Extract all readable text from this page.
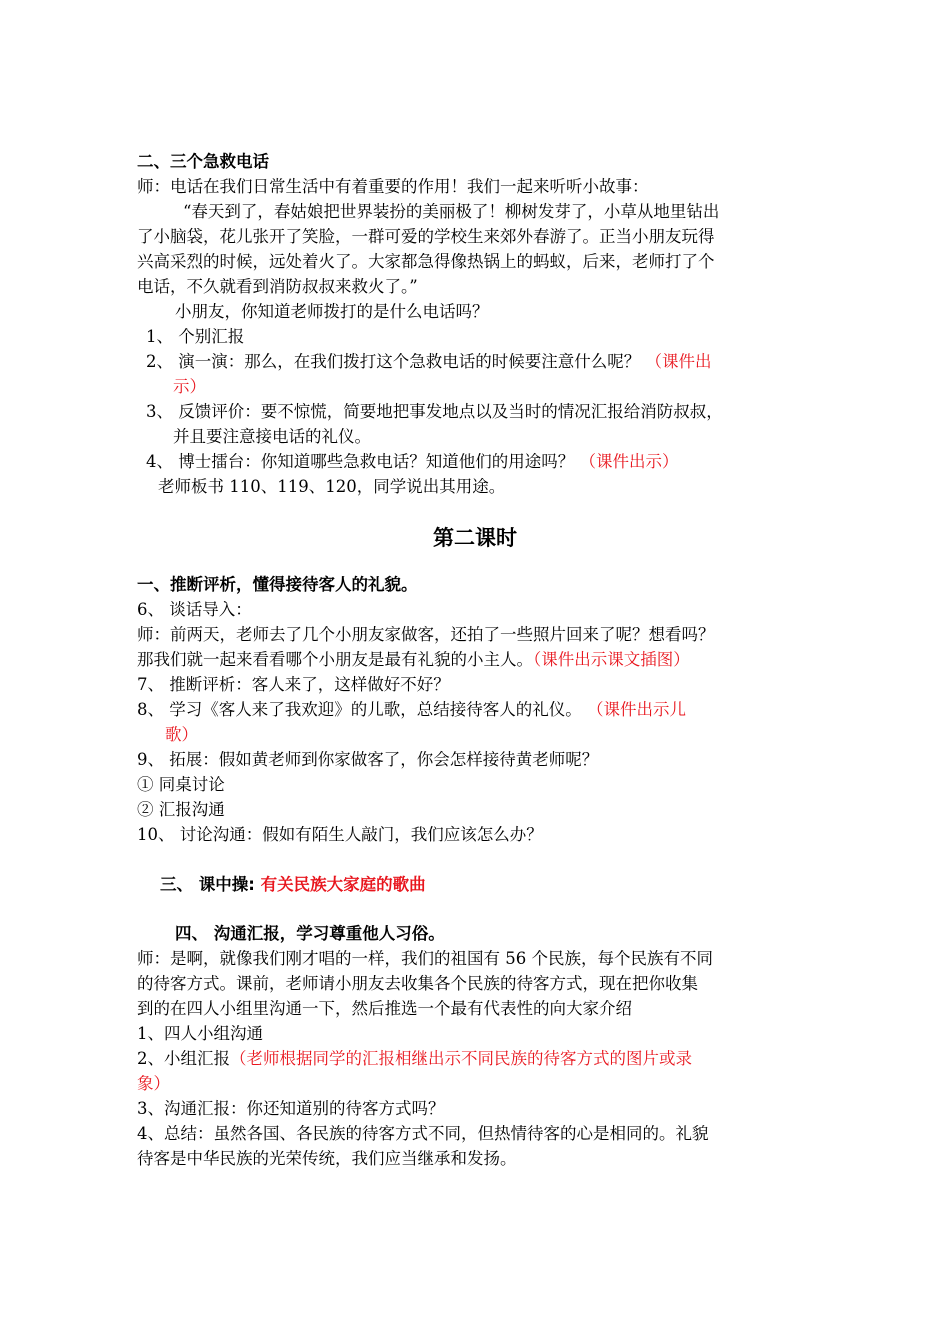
二、三个急救电话
师：电话在我们日常生活中有着重要的作用！我们一起来听听小故事：
“春天到了，春姑娘把世界装扮的美丽极了！柳树发芽了，小草从地里钻出
了小脑袋，花儿张开了笑脸，一群可爱的学校生来郊外春游了。正当小朋友玩得
兴高采烈的时候，远处着火了。大家都急得像热锅上的蚂蚁，后来，老师打了个
电话，不久就看到消防叔叔来救火了。”
小朋友，你知道老师拨打的是什么电话吗？
1、 个别汇报
2、 演一演：那么，在我们拨打这个急救电话的时候要注意什么呢？ （课件出
示）
3、 反馈评价：要不惊慌，简要地把事发地点以及当时的情况汇报给消防叔叔，
并且要注意接电话的礼仪。
4、 博士擂台：你知道哪些急救电话？知道他们的用途吗？ （课件出示）
老师板书 110、119、120，同学说出其用途。
第二课时
一、推断评析，懂得接待客人的礼貌。
6、 谈话导入：
师：前两天，老师去了几个小朋友家做客，还拍了一些照片回来了呢？想看吗？
那我们就一起来看看哪个小朋友是最有礼貌的小主人。（课件出示课文插图）
7、 推断评析：客人来了，这样做好不好？
8、 学习《客人来了我欢迎》的儿歌，总结接待客人的礼仪。 （课件出示儿
歌）
9、 拓展：假如黄老师到你家做客了，你会怎样接待黄老师呢？
① 同桌讨论
② 汇报沟通
10、 讨论沟通：假如有陌生人敲门，我们应该怎么办？
三、 课中操: 有关民族大家庭的歌曲
四、 沟通汇报，学习尊重他人习俗。
师：是啊，就像我们刚才唱的一样，我们的祖国有 56 个民族，每个民族有不同
的待客方式。课前，老师请小朋友去收集各个民族的待客方式，现在把你收集
到的在四人小组里沟通一下，然后推选一个最有代表性的向大家介绍
1、四人小组沟通
2、小组汇报（老师根据同学的汇报相继出示不同民族的待客方式的图片或录
象）
3、沟通汇报：你还知道别的待客方式吗？
4、总结：虽然各国、各民族的待客方式不同，但热情待客的心是相同的。礼貌
待客是中华民族的光荣传统，我们应当继承和发扬。
